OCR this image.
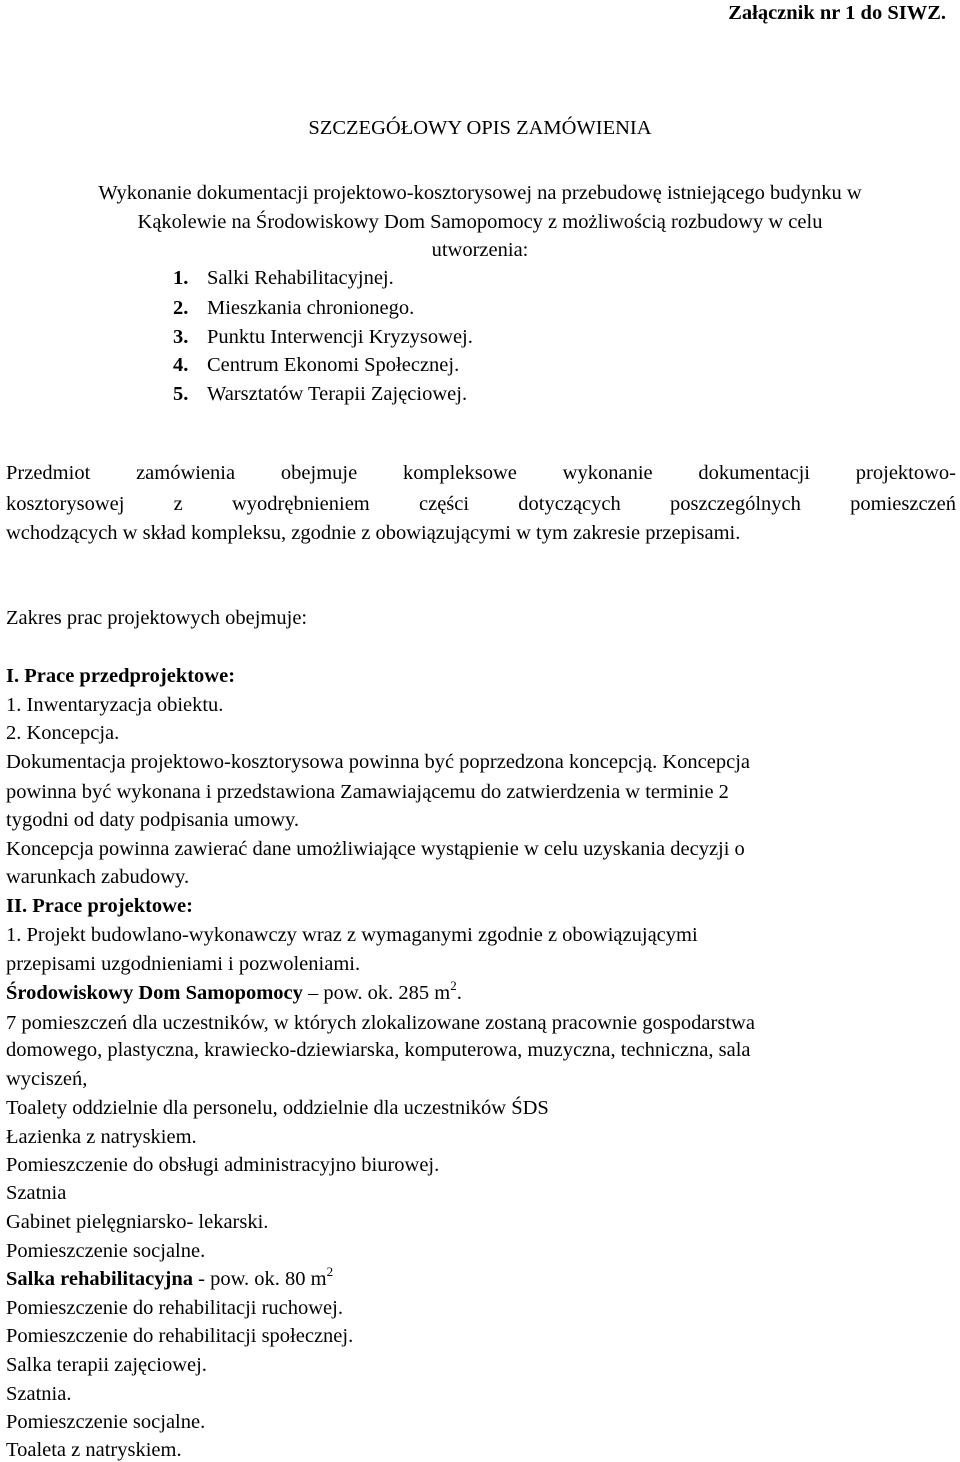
Załącznik nr 1 do SIWZ.
SZCZEGÓŁOWY OPIS ZAMÓWIENIA
Wykonanie dokumentacji projektowo-kosztorysowej na przebudowę istniejącego budynku w
Kąkolewie na Środowiskowy Dom Samopomocy z możliwością rozbudowy w celu
utworzenia:
1. Salki Rehabilitacyjnej.
2. Mieszkania chronionego.
3. Punktu Interwencji Kryzysowej.
4. Centrum Ekonomi Społecznej.
5. Warsztatów Terapii Zajęciowej.
Przedmiot zamówienia obejmuje kompleksowe wykonanie dokumentacji projektowo-
kosztorysowej z wyodrębnieniem części dotyczących poszczególnych pomieszczeń
wchodzących w skład kompleksu, zgodnie z obowiązującymi w tym zakresie przepisami.
Zakres prac projektowych obejmuje:
I. Prace przedprojektowe:
1. Inwentaryzacja obiektu.
2. Koncepcja.
Dokumentacja projektowo-kosztorysowa powinna być poprzedzona koncepcją. Koncepcja
powinna być wykonana i przedstawiona Zamawiającemu do zatwierdzenia w terminie 2
tygodni od daty podpisania umowy.
Koncepcja powinna zawierać dane umożliwiające wystąpienie w celu uzyskania decyzji o
warunkach zabudowy.
II. Prace projektowe:
1. Projekt budowlano-wykonawczy wraz z wymaganymi zgodnie z obowiązującymi
przepisami uzgodnieniami i pozwoleniami.
Środowiskowy Dom Samopomocy – pow. ok. 285 $m^2$.
7 pomieszczeń dla uczestników, w których zlokalizowane zostaną pracownie gospodarstwa
domowego, plastyczna, krawiecko-dziewiarska, komputerowa, muzyczna, techniczna, sala
wyciszeń,
Toalety oddzielnie dla personelu, oddzielnie dla uczestników ŚDS
Łazienka z natryskiem.
Pomieszczenie do obsługi administracyjno biurowej.
Szatnia
Gabinet pielęgniarsko- lekarski.
Pomieszczenie socjalne.
Salka rehabilitacyjna - pow. ok. 80 $m^2$
Pomieszczenie do rehabilitacji ruchowej.
Pomieszczenie do rehabilitacji społecznej.
Salka terapii zajęciowej.
Szatnia.
Pomieszczenie socjalne.
Toaleta z natryskiem.
